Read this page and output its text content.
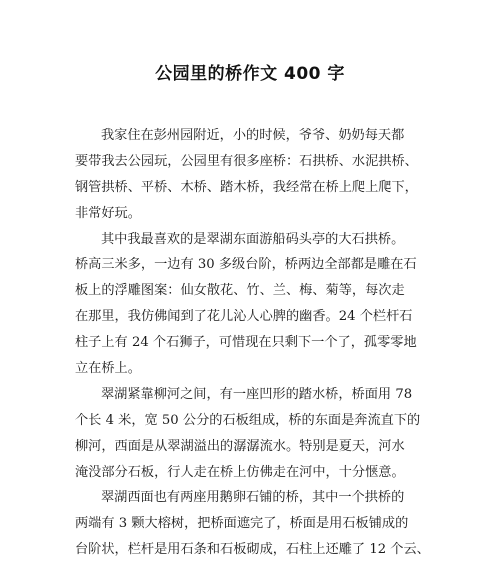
公园里的桥作文 400 字
我家住在彭州园附近，小的时候，爷爷、奶奶每天都
要带我去公园玩，公园里有很多座桥：石拱桥、水泥拱桥、
钢管拱桥、平桥、木桥、踏木桥，我经常在桥上爬上爬下，
非常好玩。
其中我最喜欢的是翠湖东面游船码头亭的大石拱桥。
桥高三米多，一边有 30 多级台阶，桥两边全部都是雕在石
板上的浮雕图案：仙女散花、竹、兰、梅、菊等，每次走
在那里，我仿佛闻到了花儿沁人心脾的幽香。24 个栏杆石
柱子上有 24 个石狮子，可惜现在只剩下一个了，孤零零地
立在桥上。
翠湖紧靠柳河之间，有一座凹形的踏水桥，桥面用 78
个长 4 米，宽 50 公分的石板组成，桥的东面是奔流直下的
柳河，西面是从翠湖溢出的潺潺流水。特别是夏天，河水
淹没部分石板，行人走在桥上仿佛走在河中，十分惬意。
翠湖西面也有两座用鹅卵石铺的桥，其中一个拱桥的
两端有 3 颗大榕树，把桥面遮完了，桥面是用石板铺成的
台阶状，栏杆是用石条和石板砌成，石柱上还雕了 12 个云、
